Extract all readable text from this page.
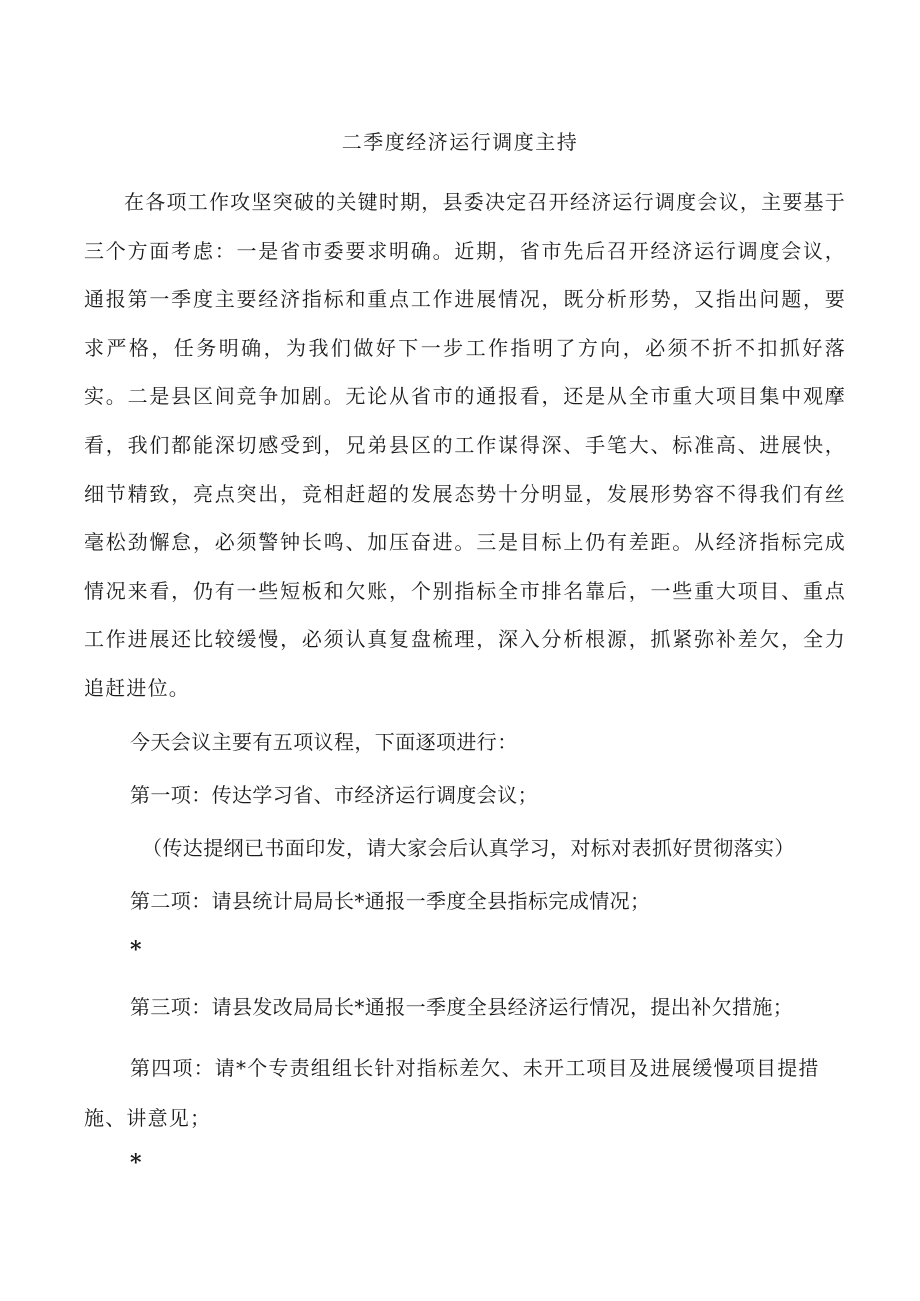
二季度经济运行调度主持

在各项工作攻坚突破的关键时期，县委决定召开经济运行调度会议，主要基于三个方面考虑：一是省市委要求明确。近期，省市先后召开经济运行调度会议，通报第一季度主要经济指标和重点工作进展情况，既分析形势，又指出问题，要求严格，任务明确，为我们做好下一步工作指明了方向，必须不折不扣抓好落实。二是县区间竞争加剧。无论从省市的通报看，还是从全市重大项目集中观摩看，我们都能深切感受到，兄弟县区的工作谋得深、手笔大、标准高、进展快，细节精致，亮点突出，竞相赶超的发展态势十分明显，发展形势容不得我们有丝毫松劲懈怠，必须警钟长鸣、加压奋进。三是目标上仍有差距。从经济指标完成情况来看，仍有一些短板和欠账，个别指标全市排名靠后，一些重大项目、重点工作进展还比较缓慢，必须认真复盘梳理，深入分析根源，抓紧弥补差欠，全力追赶进位。

今天会议主要有五项议程，下面逐项进行：
第一项：传达学习省、市经济运行调度会议；
（传达提纲已书面印发，请大家会后认真学习，对标对表抓好贯彻落实）
第二项：请县统计局局长*通报一季度全县指标完成情况；
*
第三项：请县发改局局长*通报一季度全县经济运行情况，提出补欠措施；
第四项：请*个专责组组长针对指标差欠、未开工项目及进展缓慢项目提措施、讲意见；
*
